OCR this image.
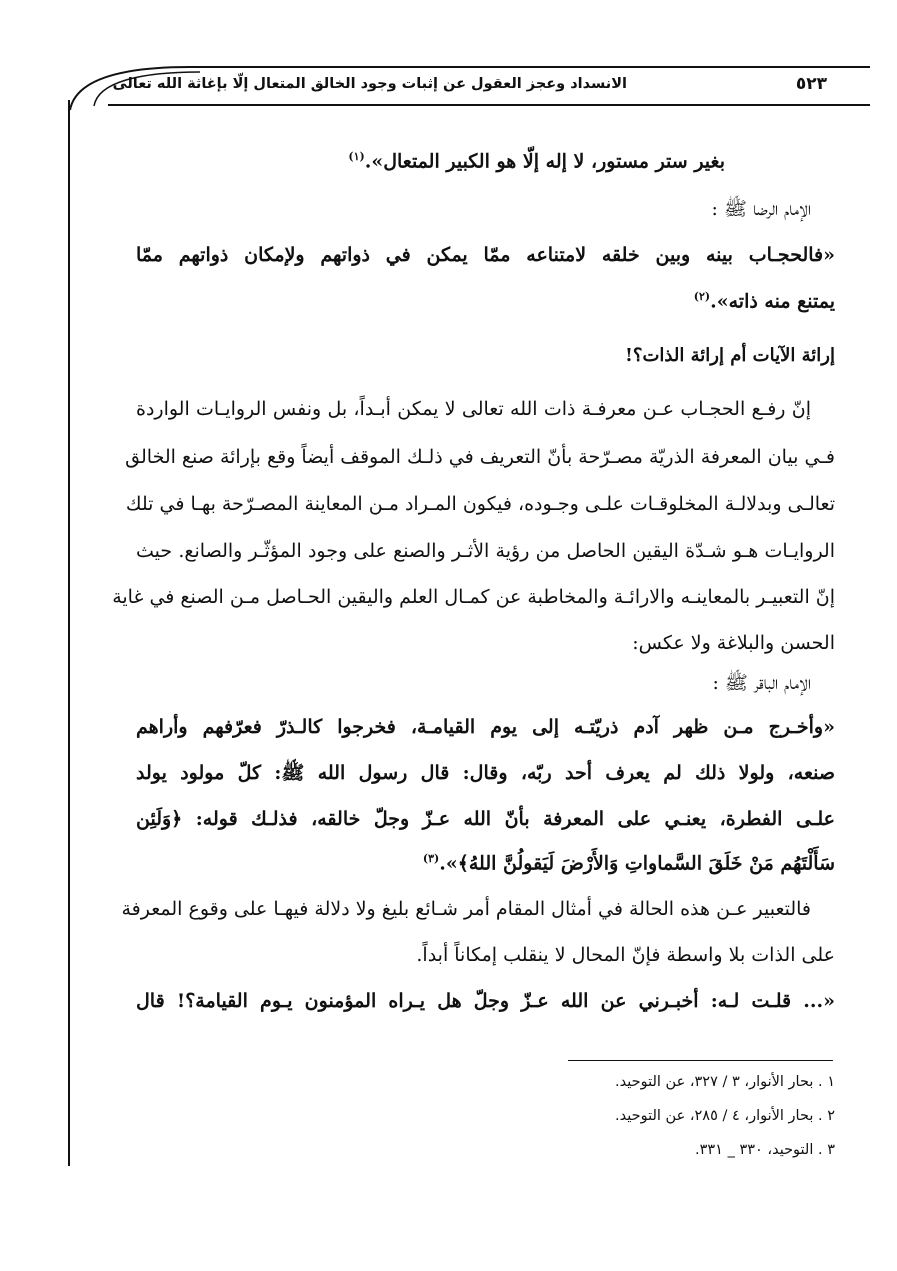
الانسداد وعجز العقول عن إثبات وجود الخالق المتعال إلّا بإغاثة الله تعالى	٥٢٣
بغير ستر مستور، لا إله إلّا هو الكبير المتعال».$^{(١)}$
الإمام الرضا ﷺ :
«فالحجـاب بينه وبين خلقه لامتناعه ممّا يمكن في ذواتهم ولإمكان ذواتهم ممّا
يمتنع منه ذاته».$^{(٢)}$
إرائة الآيات أم إرائة الذات؟!
إنّ رفـع الحجـاب عـن معرفـة ذات الله تعالى لا يمكن أبـداً، بل ونفس الروايـات الواردة
فـي بيان المعرفة الذريّة مصـرّحة بأنّ التعريف في ذلـك الموقف أيضاً وقع بإرائة صنع الخالق
تعالـى وبدلالـة المخلوقـات علـى وجـوده، فيكون المـراد مـن المعاينة المصـرّحة بهـا في تلك
الروايـات هـو شـدّة اليقين الحاصل من رؤية الأثـر والصنع على وجود المؤثّـر والصانع. حيث
إنّ التعبيـر بالمعاينـه والارائـة والمخاطبة عن كمـال العلم واليقين الحـاصل مـن الصنع في غاية
الحسن والبلاغة ولا عكس:
الإمام الباقر ﷺ :
«وأخـرج مـن ظهر آدم ذريّتـه إلى يوم القيامـة، فخرجوا كالـذرّ فعرّفهم وأراهم
صنعه، ولولا ذلك لم يعرف أحد ربّه، وقال: قال رسول الله ﷺ: كلّ مولود يولد
علـى الفطرة، يعنـي على المعرفة بأنّ الله عـزّ وجلّ خالقه، فذلـك قوله: ﴿وَلَئِن
سَأَلْتَهُم مَنْ خَلَقَ السَّماواتِ وَالأَرْضَ لَيَقولُنَّ اللهُ﴾».$^{(٣)}$
فالتعبير عـن هذه الحالة في أمثال المقام أمر شـائع بليغ ولا دلالة فيهـا على وقوع المعرفة
على الذات بلا واسطة فإنّ المحال لا ينقلب إمكاناً أبداً.
«... قلـت لـه: أخبـرني عن الله عـزّ وجلّ هل يـراه المؤمنون يـوم القيامة؟! قال
١ . بحار الأنوار، ٣ / ٣٢٧، عن التوحيد.
٢ . بحار الأنوار، ٤ / ٢٨٥، عن التوحيد.
٣ . التوحيد، ٣٣٠ _ ٣٣١.
